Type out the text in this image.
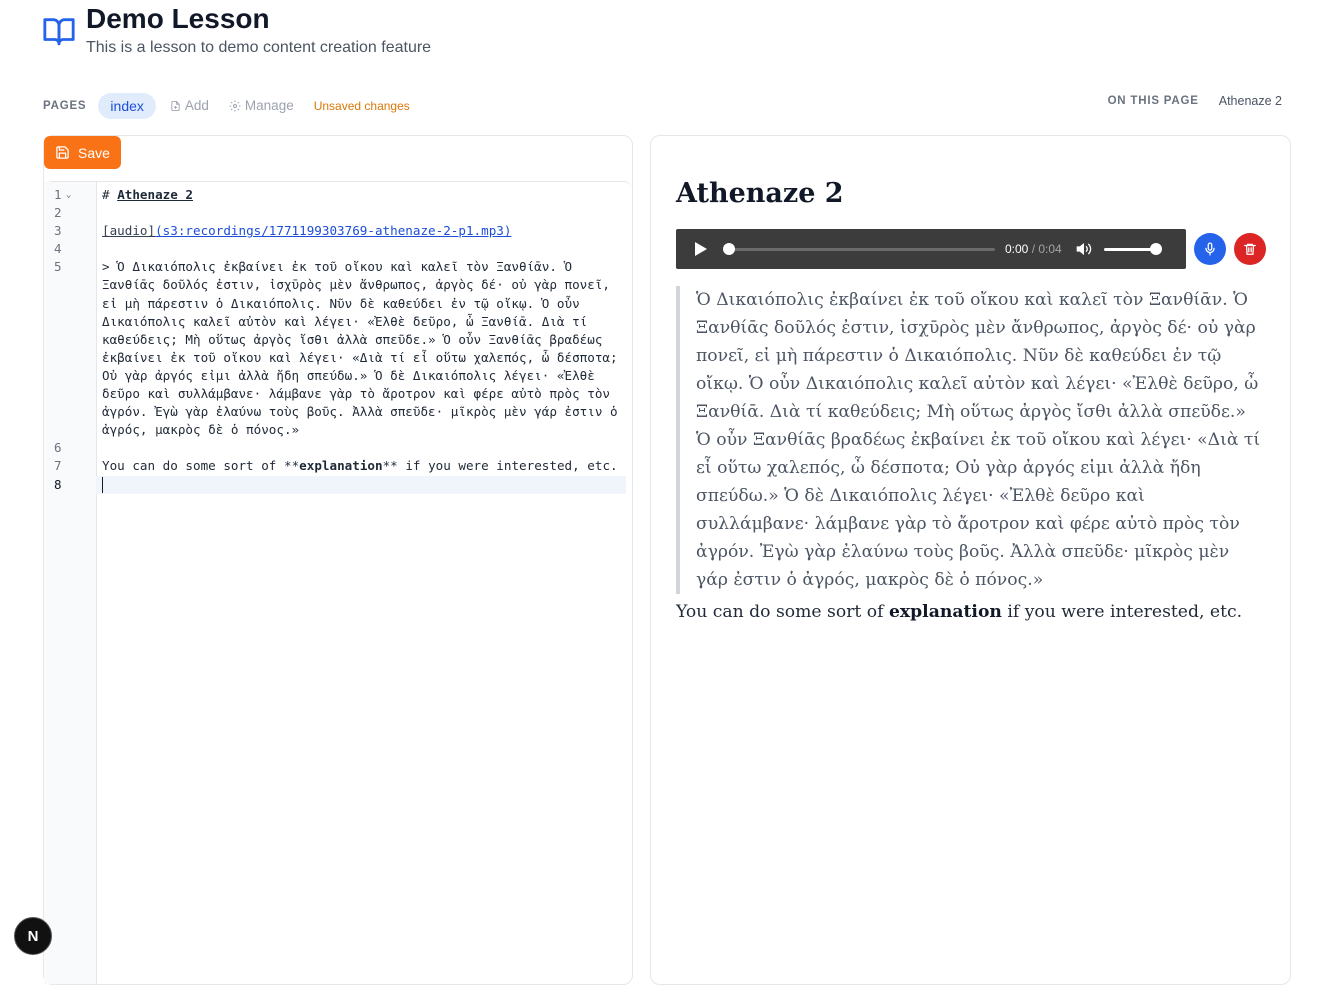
Demo Lesson
This is a lesson to demo content creation feature
PAGES	index	Add	Manage Unsaved changes	ON THIS PAGE Athenaze 2
Save
1 ⌄	# Athenaze 2
2

3	[audio](s3:recordings/1771199303769-athenaze-2-p1.mp3)
4

5	> Ὁ Δικαιόπολις ἐκβαίνει ἐκ τοῦ οἴκου καὶ καλεῖ τὸν Ξανθίᾱν. Ὁ Ξανθίᾱς δοῦλός ἐστιν, ἰσχῡρὸς μὲν ἄνθρωπος, ἀργὸς δέ· οὐ γὰρ πονεῖ, εἰ μὴ πάρεστιν ὁ Δικαιόπολις. Νῦν δὲ καθεύδει ἐν τῷ οἴκῳ. Ὁ οὖν Δικαιόπολις καλεῖ αὐτὸν καὶ λέγει· «Ἐλθὲ δεῦρο, ὦ Ξανθίᾱ. Διὰ τί καθεύδεις; Μὴ οὕτως ἀργὸς ἴσθι ἀλλὰ σπεῦδε.» Ὁ οὖν Ξανθίᾱς βραδέως ἐκβαίνει ἐκ τοῦ οἴκου καὶ λέγει· «Διὰ τί εἶ οὕτω χαλεπός, ὦ δέσποτα; Οὐ γὰρ ἀργός εἰμι ἀλλὰ ἤδη σπεύδω.» Ὁ δὲ Δικαιόπολις λέγει· «Ἐλθὲ δεῦρο καὶ συλλάμβανε· λάμβανε γὰρ τὸ ἄροτρον καὶ φέρε αὐτὸ πρὸς τὸν ἀγρόν. Ἐγὼ γὰρ ἐλαύνω τοὺς βοῦς. Ἀλλὰ σπεῦδε· μῖκρὸς μὲν γάρ ἐστιν ὁ ἀγρός, μακρὸς δὲ ὁ πόνος.»
6

7	You can do some sort of **explanation** if you were interested, etc.
8
Athenaze 2
0:00 / 0:04
Ὁ Δικαιόπολις ἐκβαίνει ἐκ τοῦ οἴκου καὶ καλεῖ τὸν Ξανθίᾱν. Ὁ Ξανθίᾱς δοῦλός ἐστιν, ἰσχῡρὸς μὲν ἄνθρωπος, ἀργὸς δέ· οὐ γὰρ πονεῖ, εἰ μὴ πάρεστιν ὁ Δικαιόπολις. Νῦν δὲ καθεύδει ἐν τῷ οἴκῳ. Ὁ οὖν Δικαιόπολις καλεῖ αὐτὸν καὶ λέγει· «Ἐλθὲ δεῦρο, ὦ Ξανθίᾱ. Διὰ τί καθεύδεις; Μὴ οὕτως ἀργὸς ἴσθι ἀλλὰ σπεῦδε.» Ὁ οὖν Ξανθίᾱς βραδέως ἐκβαίνει ἐκ τοῦ οἴκου καὶ λέγει· «Διὰ τί εἶ οὕτω χαλεπός, ὦ δέσποτα; Οὐ γὰρ ἀργός εἰμι ἀλλὰ ἤδη σπεύδω.» Ὁ δὲ Δικαιόπολις λέγει· «Ἐλθὲ δεῦρο καὶ συλλάμβανε· λάμβανε γὰρ τὸ ἄροτρον καὶ φέρε αὐτὸ πρὸς τὸν ἀγρόν. Ἐγὼ γὰρ ἐλαύνω τοὺς βοῦς. Ἀλλὰ σπεῦδε· μῖκρὸς μὲν γάρ ἐστιν ὁ ἀγρός, μακρὸς δὲ ὁ πόνος.»
You can do some sort of explanation if you were interested, etc.
N
